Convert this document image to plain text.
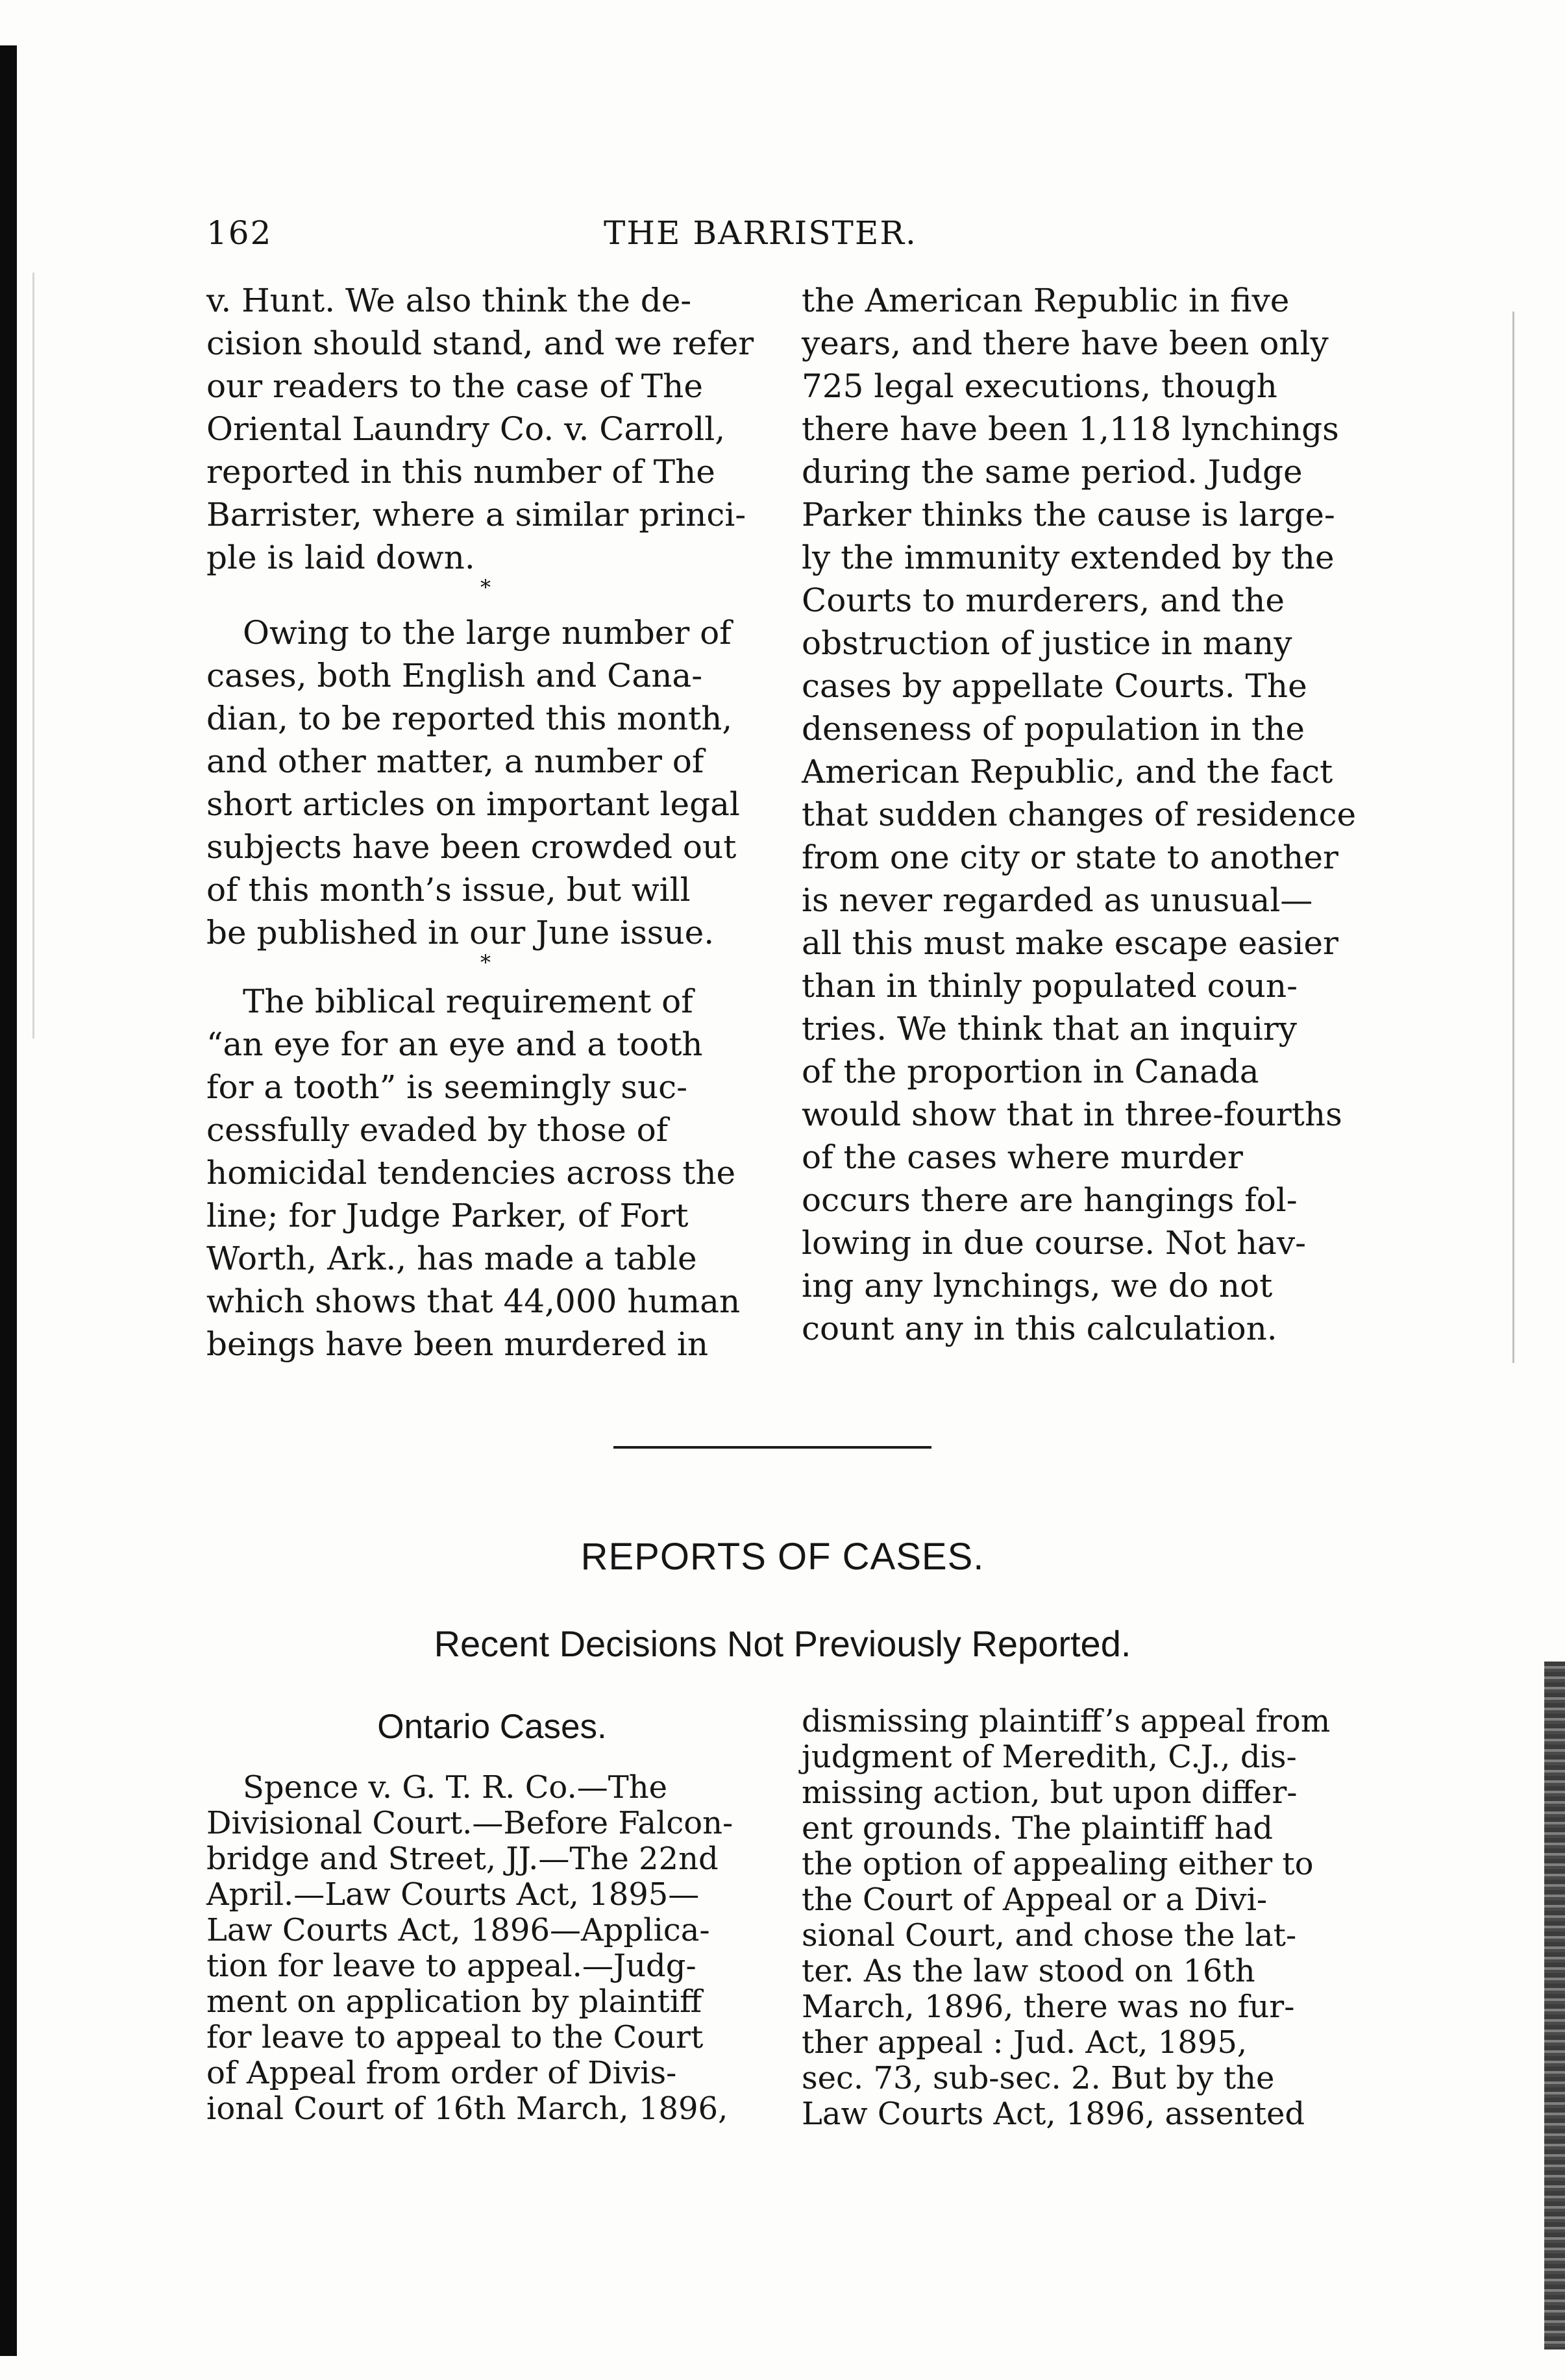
162	THE BARRISTER.

v. Hunt. We also think the de-
cision should stand, and we refer
our readers to the case of The
Oriental Laundry Co. v. Carroll,
reported in this number of The
Barrister, where a similar princi-
ple is laid down.

*

Owing to the large number of
cases, both English and Cana-
dian, to be reported this month,
and other matter, a number of
short articles on important legal
subjects have been crowded out
of this month’s issue, but will
be published in our June issue.

*

The biblical requirement of
“an eye for an eye and a tooth
for a tooth” is seemingly suc-
cessfully evaded by those of
homicidal tendencies across the
line; for Judge Parker, of Fort
Worth, Ark., has made a table
which shows that 44,000 human
beings have been murdered in

the American Republic in five
years, and there have been only
725 legal executions, though
there have been 1,118 lynchings
during the same period. Judge
Parker thinks the cause is large-
ly the immunity extended by the
Courts to murderers, and the
obstruction of justice in many
cases by appellate Courts. The
denseness of population in the
American Republic, and the fact
that sudden changes of residence
from one city or state to another
is never regarded as unusual—
all this must make escape easier
than in thinly populated coun-
tries. We think that an inquiry
of the proportion in Canada
would show that in three-fourths
of the cases where murder
occurs there are hangings fol-
lowing in due course. Not hav-
ing any lynchings, we do not
count any in this calculation.
REPORTS OF CASES.
Recent Decisions Not Previously Reported.
Ontario Cases.
Spence v. G. T. R. Co.—The
Divisional Court.—Before Falcon-
bridge and Street, JJ.—The 22nd
April.—Law Courts Act, 1895—
Law Courts Act, 1896—Applica-
tion for leave to appeal.—Judg-
ment on application by plaintiff
for leave to appeal to the Court
of Appeal from order of Divis-
ional Court of 16th March, 1896,
dismissing plaintiff’s appeal from
judgment of Meredith, C.J., dis-
missing action, but upon differ-
ent grounds. The plaintiff had
the option of appealing either to
the Court of Appeal or a Divi-
sional Court, and chose the lat-
ter. As the law stood on 16th
March, 1896, there was no fur-
ther appeal : Jud. Act, 1895,
sec. 73, sub-sec. 2. But by the
Law Courts Act, 1896, assented
